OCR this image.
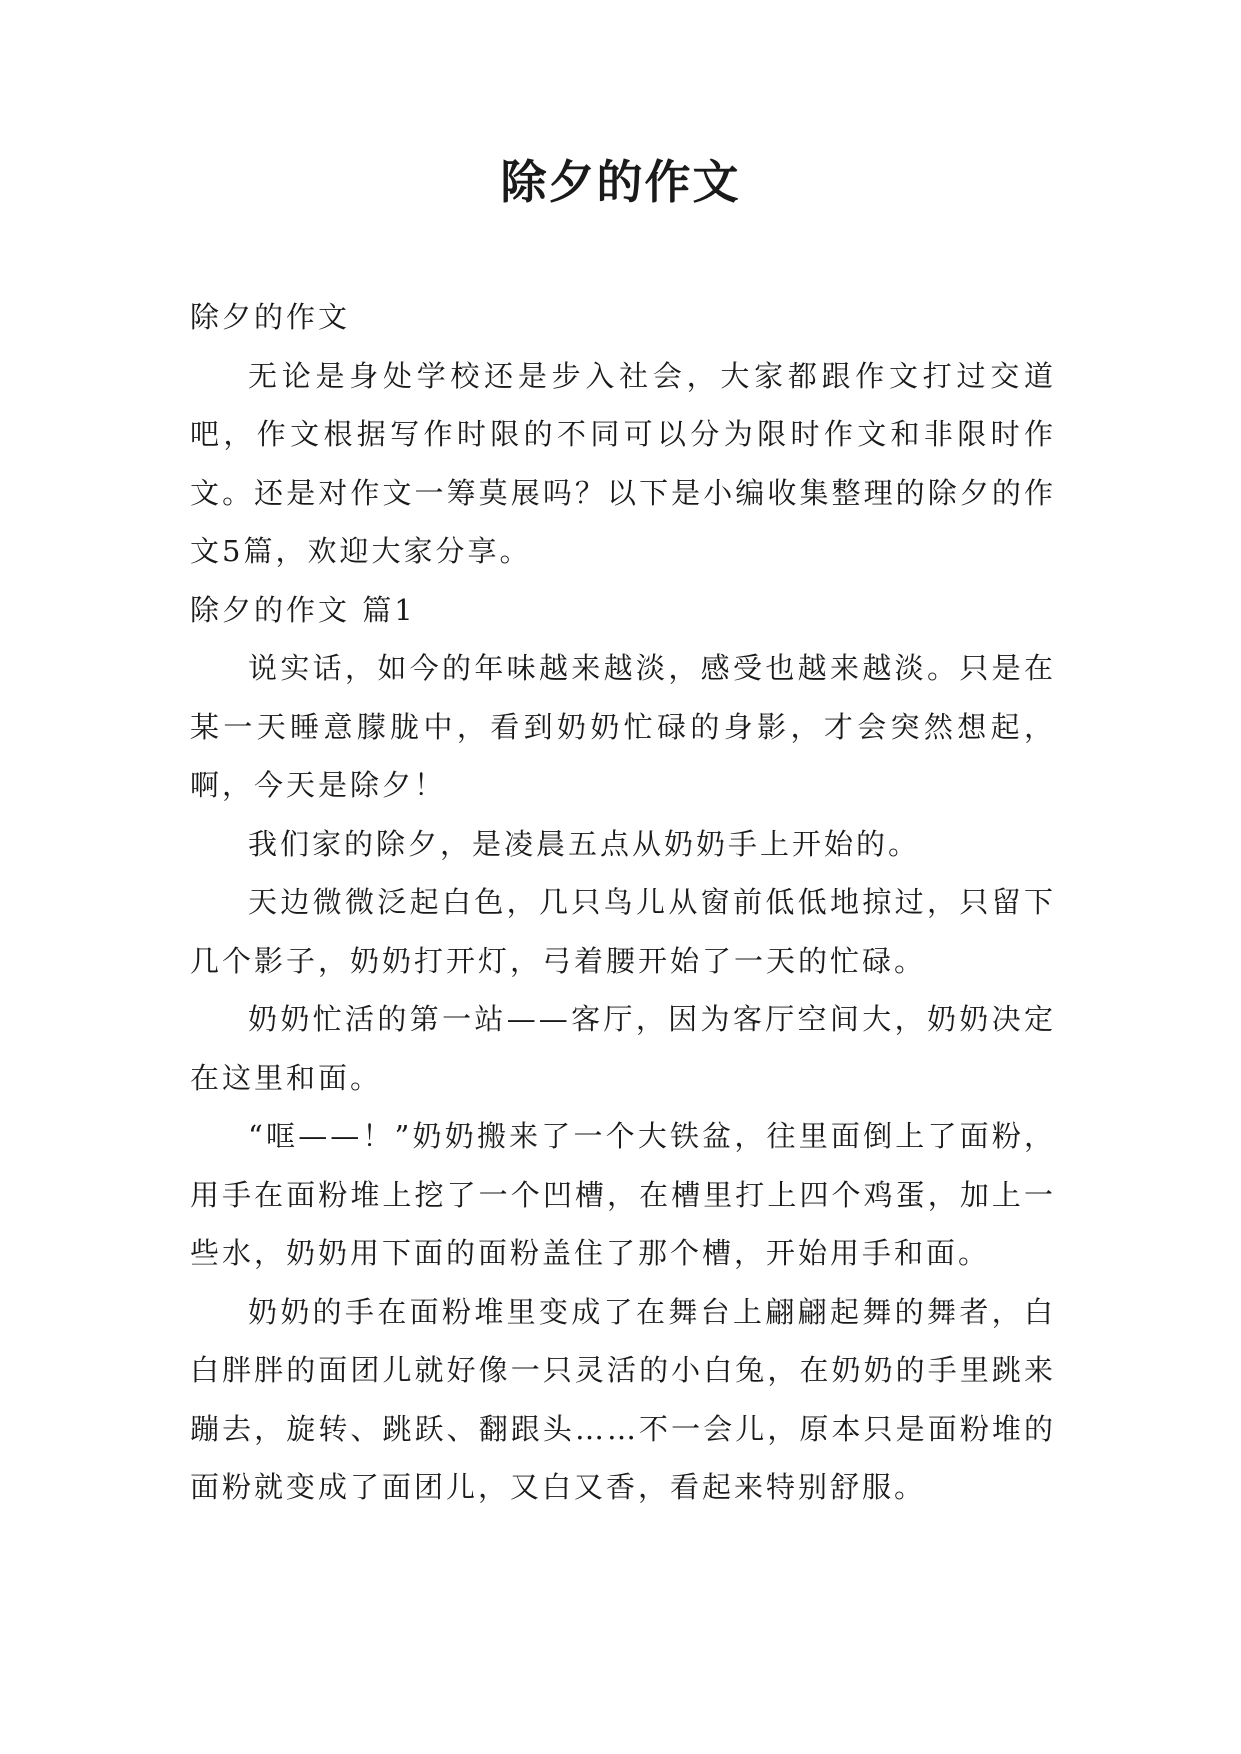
除夕的作文

除夕的作文

无论是身处学校还是步入社会，大家都跟作文打过交道吧，作文根据写作时限的不同可以分为限时作文和非限时作文。还是对作文一筹莫展吗？以下是小编收集整理的除夕的作文5篇，欢迎大家分享。

除夕的作文 篇1

说实话，如今的年味越来越淡，感受也越来越淡。只是在某一天睡意朦胧中，看到奶奶忙碌的身影，才会突然想起，啊，今天是除夕！

我们家的除夕，是凌晨五点从奶奶手上开始的。

天边微微泛起白色，几只鸟儿从窗前低低地掠过，只留下几个影子，奶奶打开灯，弓着腰开始了一天的忙碌。

奶奶忙活的第一站——客厅，因为客厅空间大，奶奶决定在这里和面。

“哐——！”奶奶搬来了一个大铁盆，往里面倒上了面粉，用手在面粉堆上挖了一个凹槽，在槽里打上四个鸡蛋，加上一些水，奶奶用下面的面粉盖住了那个槽，开始用手和面。

奶奶的手在面粉堆里变成了在舞台上翩翩起舞的舞者，白白胖胖的面团儿就好像一只灵活的小白兔，在奶奶的手里跳来蹦去，旋转、跳跃、翻跟头……不一会儿，原本只是面粉堆的面粉就变成了面团儿，又白又香，看起来特别舒服。
